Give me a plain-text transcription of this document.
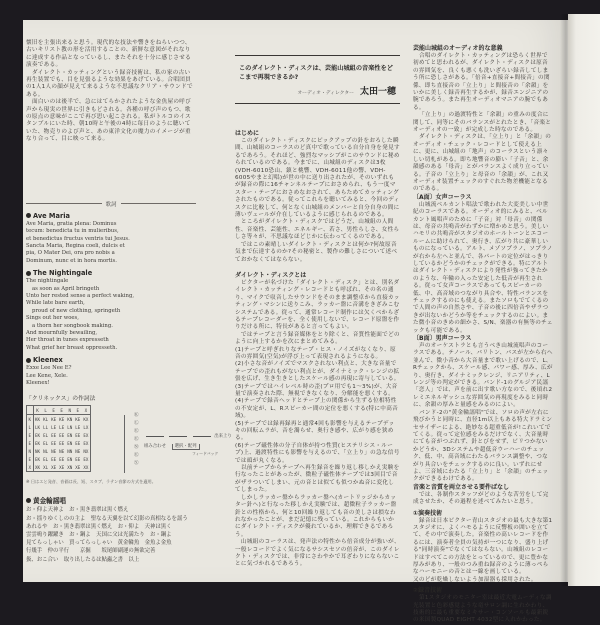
懐旧を主張出来ると思う。現代的な技法や響きをねらいつつ、古いキリスト教の形を活用することの、新鮮な意図がそれなりに達成する作品となっているし、またそれを十分に感じさせる演奏である。

ダイレクト・カッティングという録音技術は、私の家の古い再生装置でも、目を見張るような効果をあげている。合唱団員の1人1人の顔が見えて来るような不思議なクリア・サウンドである。

面白いのは後半で、急にはてらかされたような金魚屋の呼び声から現実の世界に引きもどされる。各種の呼び声のもつ、歌の原点の意味がここで再び思い起こされる。私がトルコのイスタンブルにいた時、朝10時と午後の4時に毎日のように聴いていた、物売りのよび声と、あの東洋文化の魔力のイメージが重なり合って、目に映って来る。

歌詞
Ave Maria
Ave Maria, gratia plena: Dominus
tecum: benedicta tu in mulieribus,
et benedictus fructus ventris tui Jesus.
Sancta Maria, Regina coeli, dulcis et
pia, O Mater Dei, ora pro nobis a
Dominum, nunc et in hora mortis.
The Nightingale
The nightingale
as soon as April bringeth
Unto her rested sense a perfect waking,
While late bare earth,
proud of new clothing, springeth
Sings out her woes,
a thorn her songbook making.
And mournfully bewailing,
Her throat in tunes expresseth
What grief her breast oppresseth.
Kleenex
Exxe Lee Nee E?
Lee Kene, Xele.
Kleenex!
「クリネックス」の作詞法
	K	L	E	E	N	E	X
K	KK	KL	KE	KE	KN	KE	KX
L	LK	LL	LE	LE	LN	LE	LX
E	EK	EL	EE	EE	EN	EE	EX
E	EK	EL	EE	EE	EN	EE	EX
N	NK	NL	NE	NE	NN	NE	NX
E	EK	EL	EE	EE	EN	EE	EX
X	XK	XL	XE	XE	XN	XE	XX
Ⓚ
Ⓛ
Ⓔ
Ⓔ
Ⓝ
Ⓔ
Ⓧ
出来上り
組み合わせ 選択・配列
フィードバック
※ 日はエと発音、音価は長、短、スタブ、ラテン音節の方式を適用。
黄金輪謡唱
お・仰よ天神よ　お・黒き翡翠は黒く燃え
お・揺りゆくしのの主よ　聖なる天翼を以て幻影の真相なるを謡う
あれるや　お・黒き翡翠は黒く燃え　お・仰よ　天神は黒く
雲雲鳴り躍躍き　お・鋼よ　天国に父は光満たり　お・鋼よ
見てらっしゃい　買ってらっしゃい　黄金輪魚　金魚よ金魚
行幾手　仲の平行　　京掘　　坂尾師副運の無欲完善
扱、おこ合い　取り出したるは鮎蟲之書　以上
このダイレクト・ディスクは、芸能山城組の音楽性をどこまで再現できるか?
オーディオ・ディレクター 太田一穂
はじめに

このダイレクト・ディスクにピックアップの針をおろした瞬間、山城組のコーラスのど真中で歌っている自分自身を発見するであろう。それほど、強烈なマッシブがこのサウンドに秘められているのである。今までに、山城組のディスクは3枚(VDH-6010恐山、鎮と桃響、VDH-6011他の響、VDH-6005やまと幻唱)が世の中に送り出されたが、そのいずれもが録音の際に16チャンネルテープにおさめられ、もう一度マスター・テープにおさめなおされて、あらためてカッティングされたものである。従ってこれらを聴いてみると、今回のディスクに比較して、何となく山城組のメンバーと自分自身の間に薄いヴェールが介在しているように感じられるのである。

ところがダイレクト・ディスクではどうだ、山城組の人間性、音楽性、芸能性、エネルギー、若さ、男性らしさ、女性らしさ等々が、不思議なほどじかに伝わってくるのである。

ではこの素晴しいダイレクト・ディスクとは何か?何故原音気まで伝達するのか?その秘密と、製作の難しさについて述べておかなくてはならない。

ダイレクト・ディスクとは

ビクターが名づけた「ダイレクト・ディスク」とは、別名ダイレクト・カッティング・レコードとも呼ばれ、その名の通り、マイクで収音したサウンドをそのまま調整卓から直接カッティング・マシンに送りこみ、ラッカー盤に音溝をきざみこむシステムである。従って、通常レコード制作には欠くべからざるテープレコーダーを、全く使用しないで、レコード原盤を作りだける所に、特長があると言ってもよい。

ではテープと言う録音媒体をとり除くと、音質性能面でどのように向上するかを次にまとめてみる。

(1)テープと呼ぎれりなテープ・ヒス・ノイズがなくなり、原音の雰囲気(空気)が浮び上って表現されるようになる。

(2)小さな音がノイズでマスクされない利点と、大きな音量でテープでの歪れもがない利点とが、ダイナミック・レンジの拡張を広げ、生き生きとしたスケール感の再現に寄与している。

(3)テープではハイレベル時の歪(プロ用でも1〜3%)が、大音量で演奏された際、無視できなくなり、分解能を悪くする。

(4)テープで録音へッドとテープ上の関係から生ずる位相特性の不安定が、L、Rスピーカー間の定位を悪くする(特に中高音域)。

(5)テープでは録再録再と通常4回も影響を与えるテープデッキの回転ムラが、音を濁らせ、奥行き感や、広がり感を狭める。

(6)テープ磁性体の分子自体が持つ性質(ヒステリシス・ループ)上、過渡特性にも影響を与えるので、「立上り」の急な信号では頭が丸くなる。

以前テープからテープへ再生録音を繰り返し移しかえ実験を行なったことがあったが、微粒子磁性体テープでは3回目で音がザラついてしまい、元の音とは似ても似つかぬ音に変化してしまった。

しかしラッカー盤からラッカー盤へ(カートリッジからカッター針へ)と行なった移しかえ実験では、超微粒子ラッカー盤針との性格から、何と10回繰り返しても音の美しさは損なわれなかったことが、まだ記憶に残っている。これからもいかにダイレクト・ディスクが優れているか、理解できるであろう。

山城組のコーラスは、発声法の特性から倍音成分が強いが、一般レコードでよく気になるサシスセソの倍音が、このダイレクト・ディスクでは、非常にさわやかで耳ざわりにならないことに気づかれるであろう。

芸能山城組のオーディオ的な意義

合唱のダイレクト・カッティングは恐らく世界で初めてと思われるが、ダイレクト・ディスクは原音の雰囲気を、良くも悪くも洗いざらい録音してしまう所に恐しさがある。「倍音+直接音+間接音」の関係、即ち直接音の「立上り」と間接音の「余韻」をいかに美しく録音再生するかが、録音エンジニアの腕であろう。また再生オーディオマニアの腕でもある。

「立上り」の過渡特性と「余韻」の重みの度合に関して、同等にそのバランスがとれたとき、「音楽とオーディオの一致」が完成した時なのである。

ダイレクト・ディスクは、「立上り」と「余韻」のオーディオ・チェック・レコードとして使える上に、更に、山城組の「地声」のコーラスという凛々しい切札がある。即ち地響音の膨い「子音」と、余韻感のある「母音」とがバランスよく成り立っている。子音の「立上り」と母音の「余韻」が、これ又オーディオ装置チェックのすぐれた物差機能となるのである。

〔A面〕女声コーラス

山城流ベルカント唱法で歌われた大変美しい中世紀のコーラスである。オーディオ的にみると、ベルカント風唱声のために「子音」対「母音」の関係は、母音の共鳴音がわずかに増かめと思う。美しいハモリの共鳴音がスタジオのホールトーンとエコールームに助けられて、奥行き、広がり共に豪華しいものになっている。アルト、メゾソプラノ、ソプラノが右から左へと並んで、各パートの定位がはっきりしているかどうかのチェックができる。特にアルトはダイレクト・ディスクにより発性が強ってきたかのような、年輪の入った安定した低音が再生される。従って女声コーラスであってもスピーカーの低、中、高音域のつながり具合や、特性バランスをチェックするのにも使える。またソロもでてくるので人間の声の自然さや、子音の後に四倍音やザラつきが出ないかどうか等をチェックするのによい。また微小音のきめの細かさ、S/N、楽器の有無等のチェックも可能である。

〔B面〕男声コーラス

声のオーケストラとも言うべき山城流唱声のコーラスである。テノール、バリトン、バスが左から右へ並んで、微小音から大音量まで歌い上げるので、L、Rチェックから、スケール感、パワー感、厚み、広がり、奥行き、ダイナミックレンジ、リニアリティ、Lレンジ等の判定ができる。バンド-1のグルジア民謡「恋人」では、声を前に出す歌い方なので、後頃れ2レミエネルギッシュな雰囲気の再現度をみると同時に、余韻の厚みと量感をみるのによい。

バンド-2の"黄金輪謡唱"では、ソロの声が左右に飛びかうと同時に、直径1m以上もある特大ドラミンセサイザーによる、絶妙なる超重低音が!これいてでてくる。従って定位感をみるだけでなく、大音量時にても音がつぶれず、針とびをせず、ビリつかないかどうか、3Dシステムや超低音ウーハーのチェック、低、中、高音域にわたるバランス調整や、つながり具合いをチェックするのに良い。いずれにせよ、三音域にわたる「立上り」と「余韻」のチェックができるわけである。

音楽と音質を両立させる要件ばなし

では、各制作スタッフがどのような苦労をして完成させたか、その過程を述べてみたいと思う。

①演奏技術

録音は日本ビクター青山スタジオの最も大きな第1スタジオに、よくハモるように反響板の囲いを立てて、その中で演奏した。音楽性の高いレコードを作るには、演奏者全員の気持が一つになり、盛り上げる"同時演奏"でなくてはならない。山城組のレコードはすべてこの方法をとっているので、更に豊かな厚みがあり、一般のつみ重ね録音のように薄っぺらなハーモニーの音とは一線を画している。

又のどが乾燥しないよう加湿器も採用された。

②録音技術

第1スタジオのモニター室は最近大電ムーディな調光装置と色彩感覚ような竜サロン調に生れかわり、技術的に最も重要なミキサー・コンソールも最新鋭の米国製QUAD EIGHT 4032型に入れかわった。
